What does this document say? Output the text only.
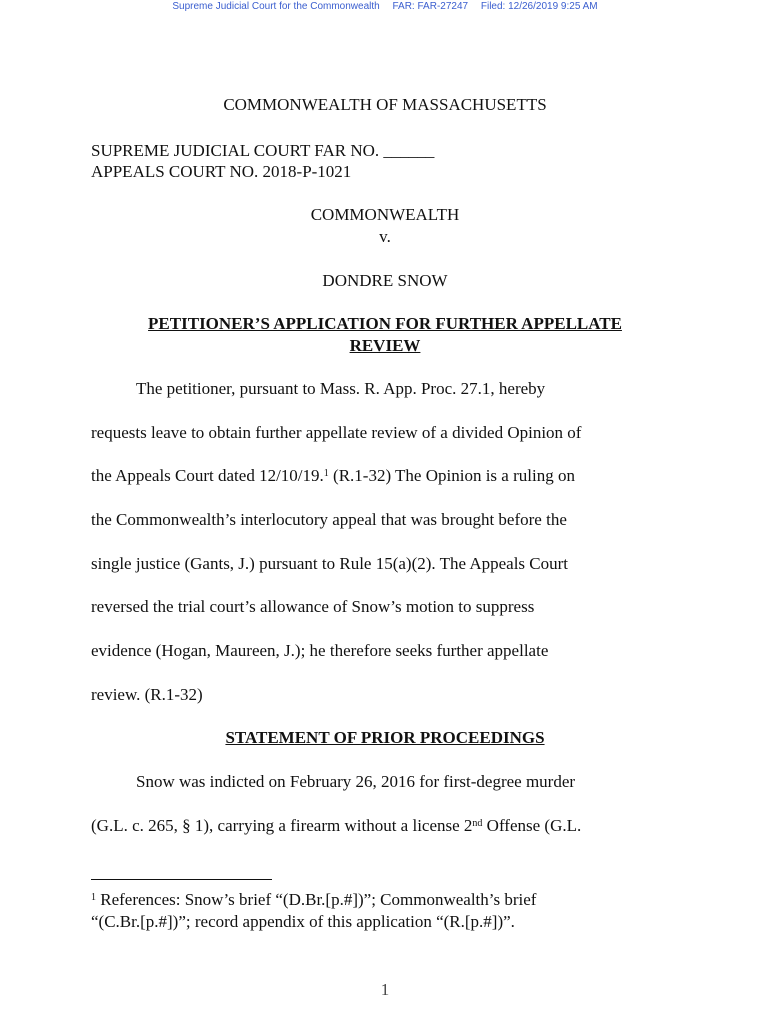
Supreme Judicial Court for the Commonwealth FAR: FAR-27247 Filed: 12/26/2019 9:25 AM
COMMONWEALTH OF MASSACHUSETTS
SUPREME JUDICIAL COURT FAR NO. ______
APPEALS COURT NO. 2018-P-1021
COMMONWEALTH
v.
DONDRE SNOW
PETITIONER’S APPLICATION FOR FURTHER APPELLATE
REVIEW
The petitioner, pursuant to Mass. R. App. Proc. 27.1, hereby
requests leave to obtain further appellate review of a divided Opinion of
the Appeals Court dated 12/10/19.$^1$ (R.1-32) The Opinion is a ruling on
the Commonwealth’s interlocutory appeal that was brought before the
single justice (Gants, J.) pursuant to Rule 15(a)(2). The Appeals Court
reversed the trial court’s allowance of Snow’s motion to suppress
evidence (Hogan, Maureen, J.); he therefore seeks further appellate
review. (R.1-32)
STATEMENT OF PRIOR PROCEEDINGS
Snow was indicted on February 26, 2016 for first-degree murder
(G.L. c. 265, § 1), carrying a firearm without a license 2nd Offense (G.L.
$^1$ References: Snow’s brief “(D.Br.[p.#])”; Commonwealth’s brief
“(C.Br.[p.#])”; record appendix of this application “(R.[p.#])”.
1
